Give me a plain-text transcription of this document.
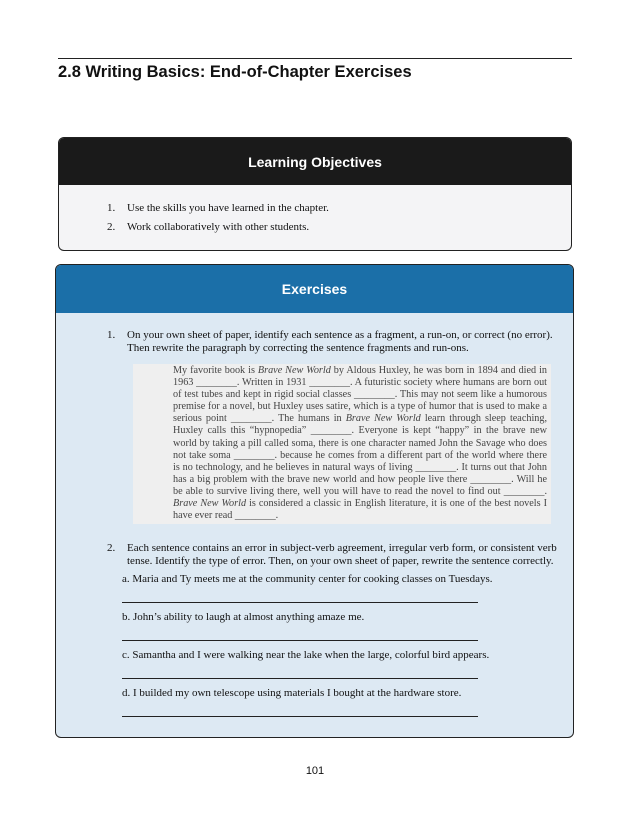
2.8 Writing Basics: End-of-Chapter Exercises
Learning Objectives
1. Use the skills you have learned in the chapter.
2. Work collaboratively with other students.
Exercises
1. On your own sheet of paper, identify each sentence as a fragment, a run-on, or correct (no error). Then rewrite the paragraph by correcting the sentence fragments and run-ons.
My favorite book is Brave New World by Aldous Huxley, he was born in 1894 and died in 1963 ________. Written in 1931 ________. A futuristic society where humans are born out of test tubes and kept in rigid social classes ________. This may not seem like a humorous premise for a novel, but Huxley uses satire, which is a type of humor that is used to make a serious point ________. The humans in Brave New World learn through sleep teaching, Huxley calls this “hypnopedia” ________. Everyone is kept “happy” in the brave new world by taking a pill called soma, there is one character named John the Savage who does not take soma ________. because he comes from a different part of the world where there is no technology, and he believes in natural ways of living ________. It turns out that John has a big problem with the brave new world and how people live there ________. Will he be able to survive living there, well you will have to read the novel to find out ________. Brave New World is considered a classic in English literature, it is one of the best novels I have ever read ________.
2. Each sentence contains an error in subject-verb agreement, irregular verb form, or consistent verb tense. Identify the type of error. Then, on your own sheet of paper, rewrite the sentence correctly.
a. Maria and Ty meets me at the community center for cooking classes on Tuesdays.
b. John’s ability to laugh at almost anything amaze me.
c. Samantha and I were walking near the lake when the large, colorful bird appears.
d. I builded my own telescope using materials I bought at the hardware store.
101
